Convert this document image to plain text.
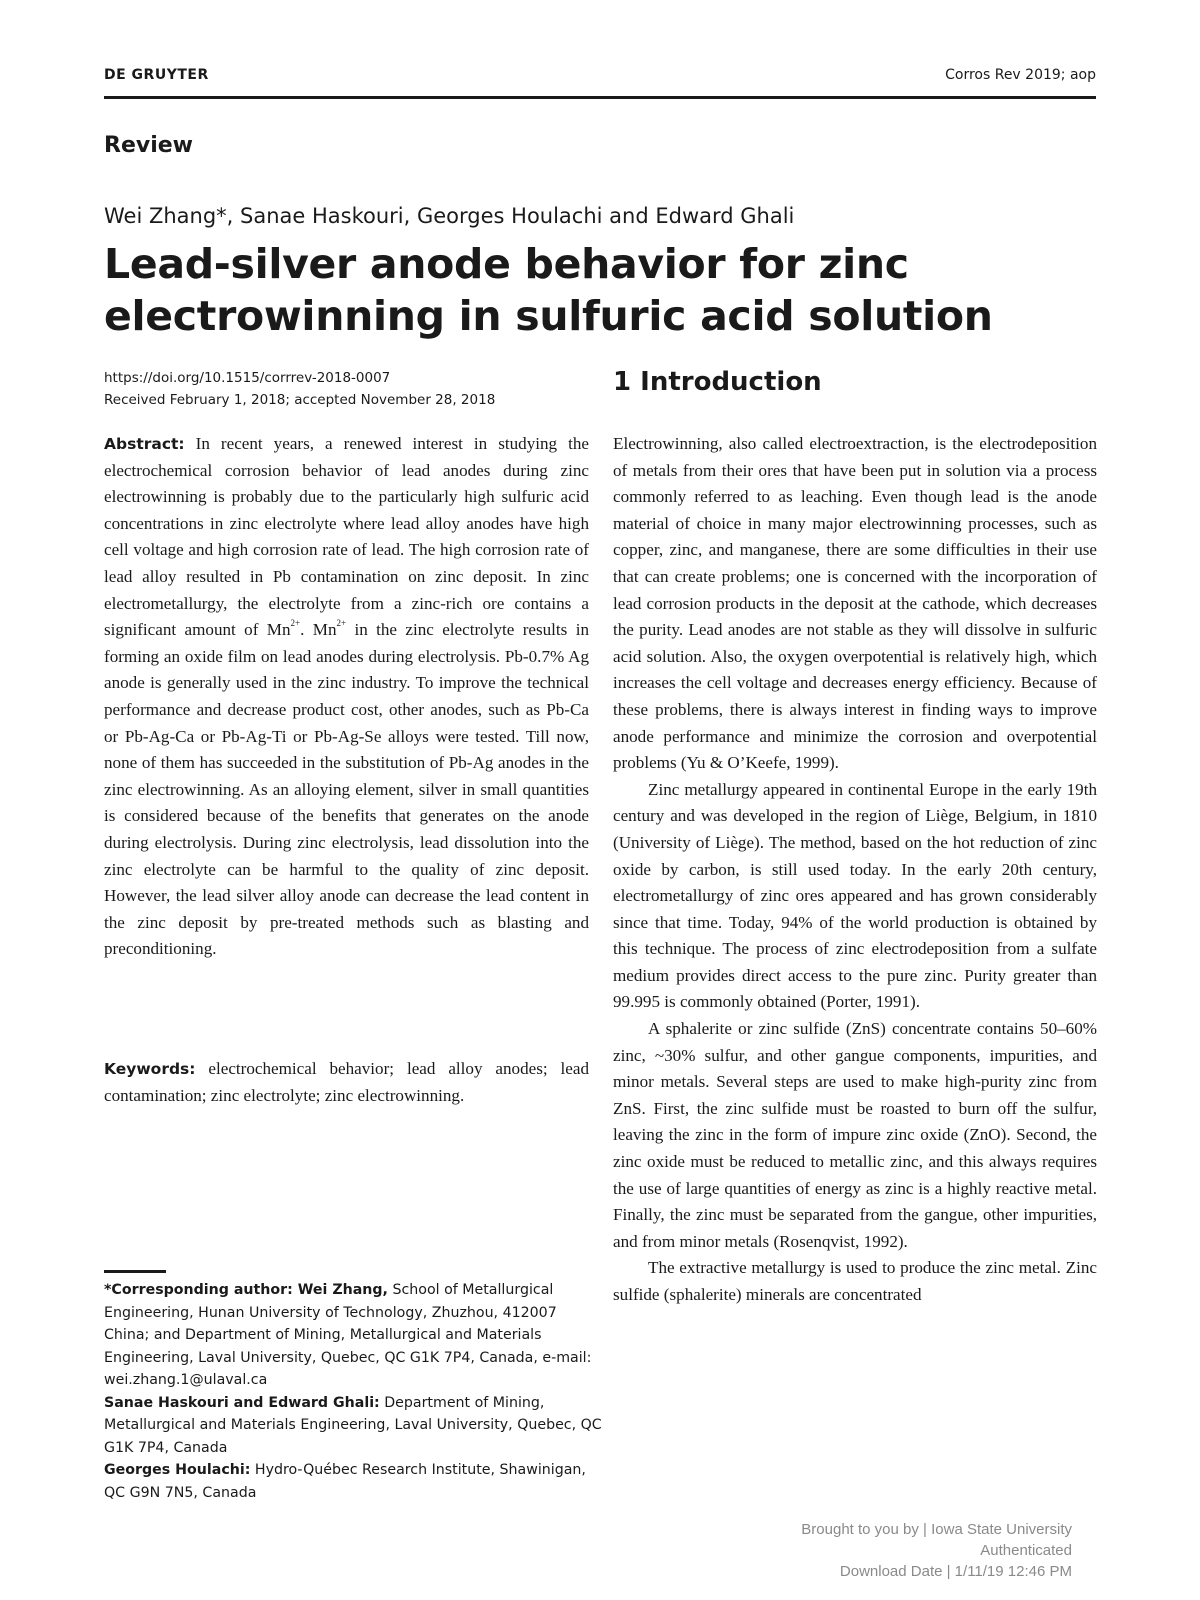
DE GRUYTER	Corros Rev 2019; aop
Review
Wei Zhang*, Sanae Haskouri, Georges Houlachi and Edward Ghali
Lead-silver anode behavior for zinc electrowinning in sulfuric acid solution
https://doi.org/10.1515/corrrev-2018-0007
Received February 1, 2018; accepted November 28, 2018

Abstract: In recent years, a renewed interest in studying the electrochemical corrosion behavior of lead anodes during zinc electrowinning is probably due to the particularly high sulfuric acid concentrations in zinc electrolyte where lead alloy anodes have high cell voltage and high corrosion rate of lead. The high corrosion rate of lead alloy resulted in Pb contamination on zinc deposit. In zinc electrometallurgy, the electrolyte from a zinc-rich ore contains a significant amount of $Mn^{2+}$. $Mn^{2+}$ in the zinc electrolyte results in forming an oxide film on lead anodes during electrolysis. Pb-0.7% Ag anode is generally used in the zinc industry. To improve the technical performance and decrease product cost, other anodes, such as Pb-Ca or Pb-Ag-Ca or Pb-Ag-Ti or Pb-Ag-Se alloys were tested. Till now, none of them has succeeded in the substitution of Pb-Ag anodes in the zinc electrowinning. As an alloying element, silver in small quantities is considered because of the benefits that generates on the anode during electrolysis. During zinc electrolysis, lead dissolution into the zinc electrolyte can be harmful to the quality of zinc deposit. However, the lead silver alloy anode can decrease the lead content in the zinc deposit by pre-treated methods such as blasting and preconditioning.

Keywords: electrochemical behavior; lead alloy anodes; lead contamination; zinc electrolyte; zinc electrowinning.

*Corresponding author: Wei Zhang, School of Metallurgical Engineering, Hunan University of Technology, Zhuzhou, 412007 China; and Department of Mining, Metallurgical and Materials Engineering, Laval University, Quebec, QC G1K 7P4, Canada, e-mail: wei.zhang.1@ulaval.ca

Sanae Haskouri and Edward Ghali: Department of Mining, Metallurgical and Materials Engineering, Laval University, Quebec, QC G1K 7P4, Canada

Georges Houlachi: Hydro-Québec Research Institute, Shawinigan, QC G9N 7N5, Canada

1 Introduction

Electrowinning, also called electroextraction, is the electrodeposition of metals from their ores that have been put in solution via a process commonly referred to as leaching. Even though lead is the anode material of choice in many major electrowinning processes, such as copper, zinc, and manganese, there are some difficulties in their use that can create problems; one is concerned with the incorporation of lead corrosion products in the deposit at the cathode, which decreases the purity. Lead anodes are not stable as they will dissolve in sulfuric acid solution. Also, the oxygen overpotential is relatively high, which increases the cell voltage and decreases energy efficiency. Because of these problems, there is always interest in finding ways to improve anode performance and minimize the corrosion and overpotential problems (Yu & O’Keefe, 1999).

Zinc metallurgy appeared in continental Europe in the early 19th century and was developed in the region of Liège, Belgium, in 1810 (University of Liège). The method, based on the hot reduction of zinc oxide by carbon, is still used today. In the early 20th century, electrometallurgy of zinc ores appeared and has grown considerably since that time. Today, 94% of the world production is obtained by this technique. The process of zinc electrodeposition from a sulfate medium provides direct access to the pure zinc. Purity greater than 99.995 is commonly obtained (Porter, 1991).

A sphalerite or zinc sulfide (ZnS) concentrate contains 50–60% zinc, ~30% sulfur, and other gangue components, impurities, and minor metals. Several steps are used to make high-purity zinc from ZnS. First, the zinc sulfide must be roasted to burn off the sulfur, leaving the zinc in the form of impure zinc oxide (ZnO). Second, the zinc oxide must be reduced to metallic zinc, and this always requires the use of large quantities of energy as zinc is a highly reactive metal. Finally, the zinc must be separated from the gangue, other impurities, and from minor metals (Rosenqvist, 1992).

The extractive metallurgy is used to produce the zinc metal. Zinc sulfide (sphalerite) minerals are concentrated

Brought to you by | Iowa State University
Authenticated
Download Date | 1/11/19 12:46 PM
